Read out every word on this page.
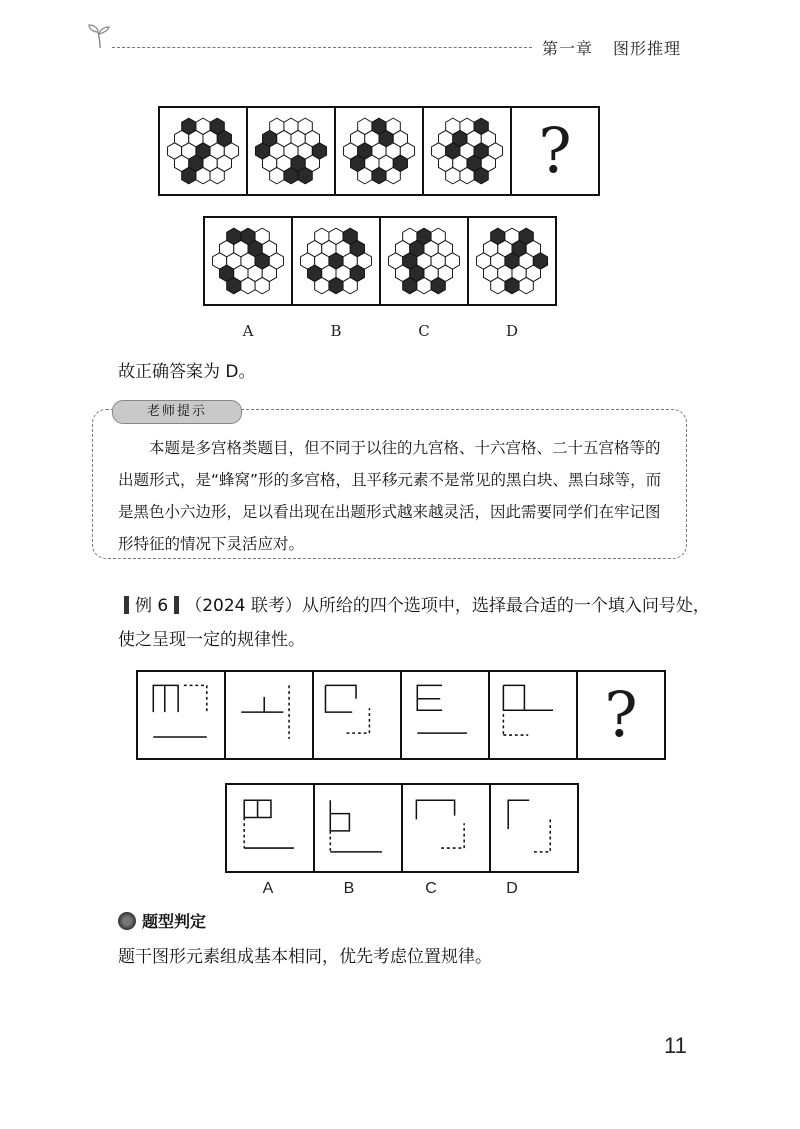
第一章 图形推理
?
A	B	C	D
故正确答案为 D。
老师提示
本题是多宫格类题目，但不同于以往的九宫格、十六宫格、二十五宫格等的出题形式，是“蜂窝”形的多宫格，且平移元素不是常见的黑白块、黑白球等，而是黑色小六边形，足以看出现在出题形式越来越灵活，因此需要同学们在牢记图形特征的情况下灵活应对。
例 6 （2024 联考）从所给的四个选项中，选择最合适的一个填入问号处，
使之呈现一定的规律性。
?
A	B	C	D
题型判定
题干图形元素组成基本相同，优先考虑位置规律。
11
